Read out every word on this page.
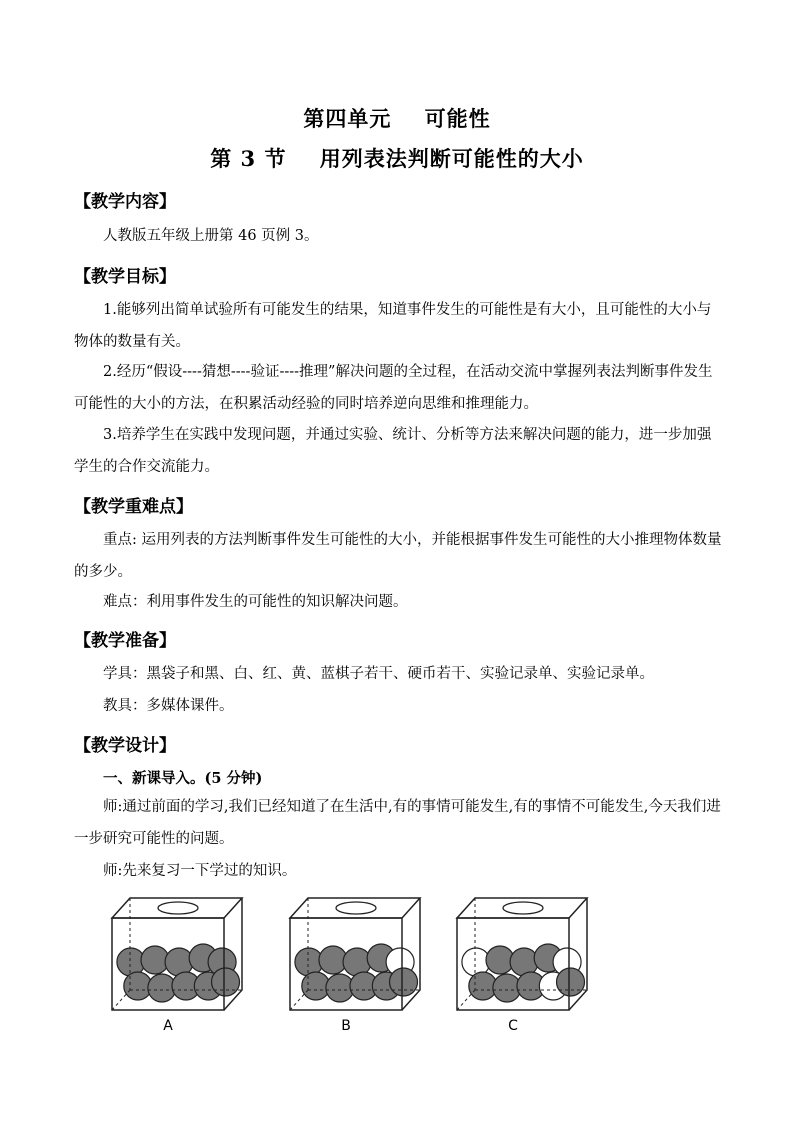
第四单元    可能性
第 3 节    用列表法判断可能性的大小
【教学内容】

人教版五年级上册第 46 页例 3。

【教学目标】

1.能够列出简单试验所有可能发生的结果，知道事件发生的可能性是有大小，且可能性的大小与物体的数量有关。

2.经历“假设----猜想----验证----推理”解决问题的全过程，在活动交流中掌握列表法判断事件发生可能性的大小的方法，在积累活动经验的同时培养逆向思维和推理能力。

3.培养学生在实践中发现问题，并通过实验、统计、分析等方法来解决问题的能力，进一步加强学生的合作交流能力。

【教学重难点】

重点: 运用列表的方法判断事件发生可能性的大小，并能根据事件发生可能性的大小推理物体数量的多少。

难点：利用事件发生的可能性的知识解决问题。

【教学准备】

学具：黑袋子和黑、白、红、黄、蓝棋子若干、硬币若干、实验记录单、实验记录单。

教具：多媒体课件。

【教学设计】
一、新课导入。(5 分钟)

师:通过前面的学习,我们已经知道了在生活中,有的事情可能发生,有的事情不可能发生,今天我们进一步研究可能性的问题。

师:先来复习一下学过的知识。

A	B	C
